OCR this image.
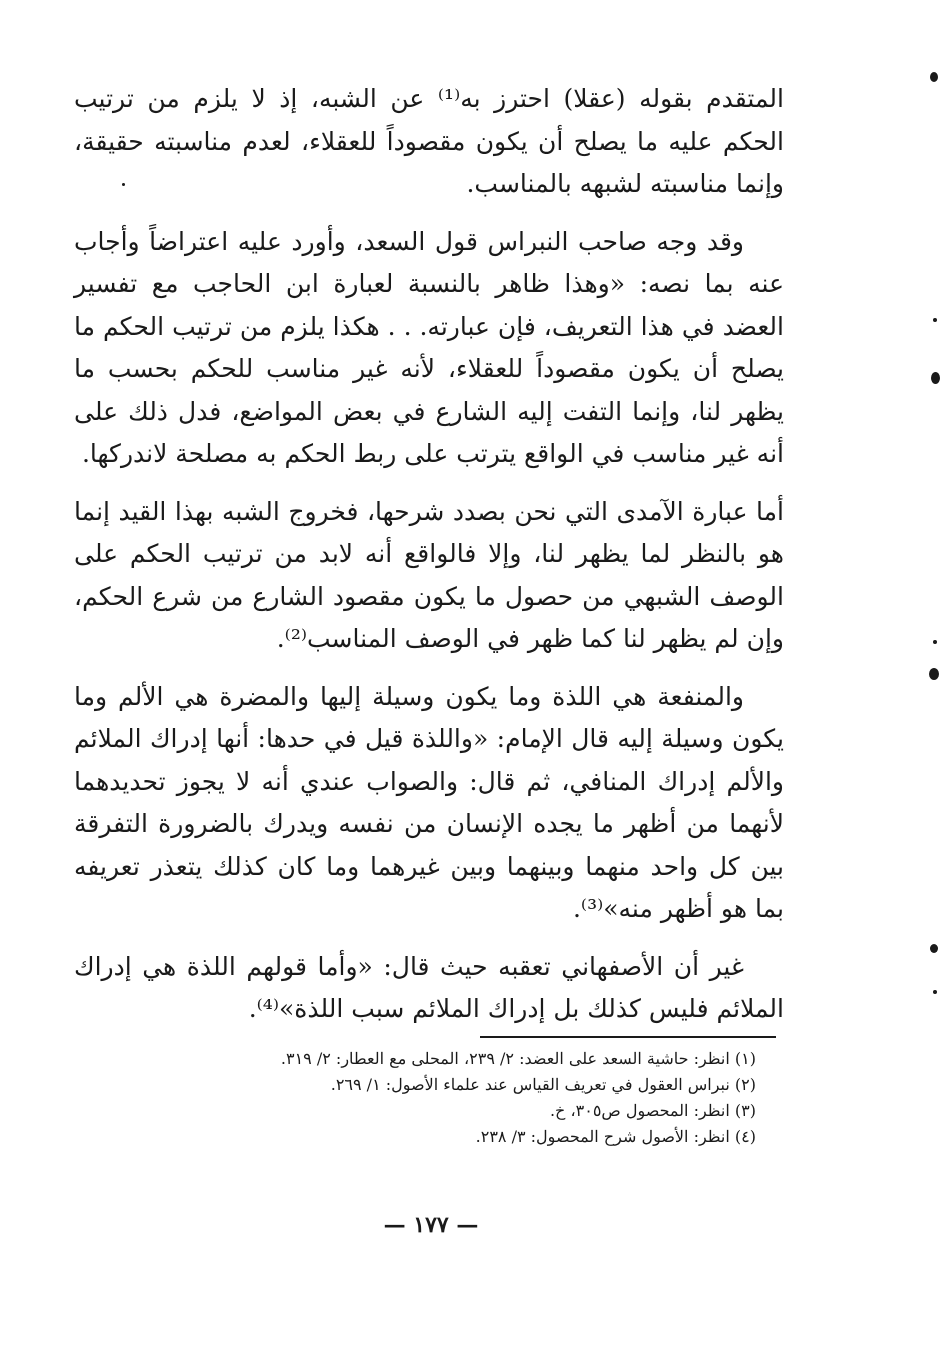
المتقدم بقوله (عقلا) احترز به⁽¹⁾ عن الشبه، إذ لا يلزم من ترتيب الحكم عليه ما يصلح أن يكون مقصوداً للعقلاء، لعدم مناسبته حقيقة، وإنما مناسبته لشبهه بالمناسب.

وقد وجه صاحب النبراس قول السعد، وأورد عليه اعتراضاً وأجاب عنه بما نصه: «وهذا ظاهر بالنسبة لعبارة ابن الحاجب مع تفسير العضد في هذا التعريف، فإن عبارته. . . هكذا يلزم من ترتيب الحكم ما يصلح أن يكون مقصوداً للعقلاء، لأنه غير مناسب للحكم بحسب ما يظهر لنا، وإنما التفت إليه الشارع في بعض المواضع، فدل ذلك على أنه غير مناسب في الواقع يترتب على ربط الحكم به مصلحة لاندركها.

أما عبارة الآمدى التي نحن بصدد شرحها، فخروج الشبه بهذا القيد إنما هو بالنظر لما يظهر لنا، وإلا فالواقع أنه لابد من ترتيب الحكم على الوصف الشبهي من حصول ما يكون مقصود الشارع من شرع الحكم، وإن لم يظهر لنا كما ظهر في الوصف المناسب⁽²⁾.

والمنفعة هي اللذة وما يكون وسيلة إليها والمضرة هي الألم وما يكون وسيلة إليه قال الإمام: «واللذة قيل في حدها: أنها إدراك الملائم والألم إدراك المنافي، ثم قال: والصواب عندي أنه لا يجوز تحديدهما لأنهما من أظهر ما يجده الإنسان من نفسه ويدرك بالضرورة التفرقة بين كل واحد منهما وبينهما وبين غيرهما وما كان كذلك يتعذر تعريفه بما هو أظهر منه»⁽³⁾.

غير أن الأصفهاني تعقبه حيث قال: «وأما قولهم اللذة هي إدراك الملائم فليس كذلك بل إدراك الملائم سبب اللذة»⁽⁴⁾.

(١) انظر: حاشية السعد على العضد: ٢/ ٢٣٩، المحلى مع العطار: ٢/ ٣١٩.

(٢) نبراس العقول في تعريف القياس عند علماء الأصول: ١/ ٢٦٩.

(٣) انظر: المحصول ص٣٠٥، خ.

(٤) انظر: الأصول شرح المحصول: ٣/ ٢٣٨.

— ١٧٧ —
